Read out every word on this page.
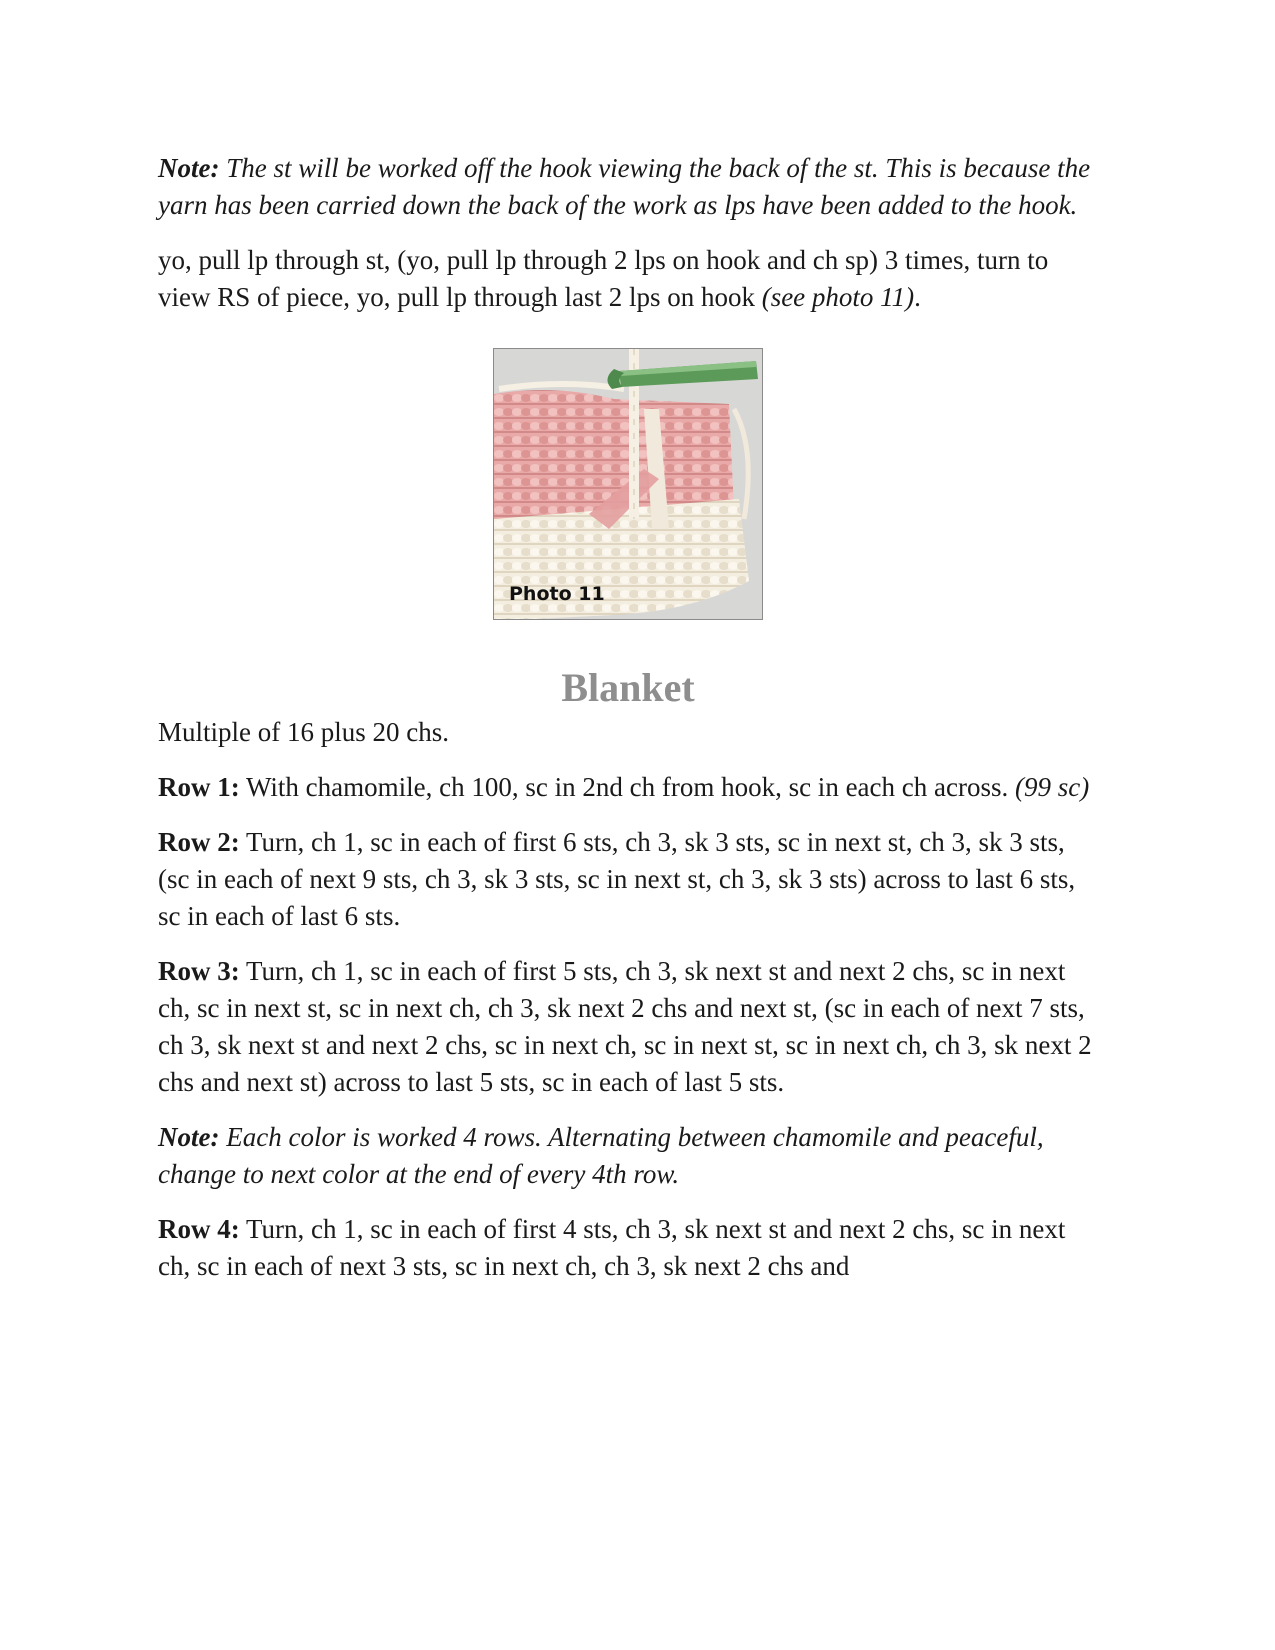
Note: The st will be worked off the hook viewing the back of the st. This is because the yarn has been carried down the back of the work as lps have been added to the hook.

yo, pull lp through st, (yo, pull lp through 2 lps on hook and ch sp) 3 times, turn to view RS of piece, yo, pull lp through last 2 lps on hook (see photo 11).

Photo 11
Blanket

Multiple of 16 plus 20 chs.

Row 1: With chamomile, ch 100, sc in 2nd ch from hook, sc in each ch across. (99 sc)

Row 2: Turn, ch 1, sc in each of first 6 sts, ch 3, sk 3 sts, sc in next st, ch 3, sk 3 sts, (sc in each of next 9 sts, ch 3, sk 3 sts, sc in next st, ch 3, sk 3 sts) across to last 6 sts, sc in each of last 6 sts.

Row 3: Turn, ch 1, sc in each of first 5 sts, ch 3, sk next st and next 2 chs, sc in next ch, sc in next st, sc in next ch, ch 3, sk next 2 chs and next st, (sc in each of next 7 sts, ch 3, sk next st and next 2 chs, sc in next ch, sc in next st, sc in next ch, ch 3, sk next 2 chs and next st) across to last 5 sts, sc in each of last 5 sts.

Note: Each color is worked 4 rows. Alternating between chamomile and peaceful, change to next color at the end of every 4th row.

Row 4: Turn, ch 1, sc in each of first 4 sts, ch 3, sk next st and next 2 chs, sc in next ch, sc in each of next 3 sts, sc in next ch, ch 3, sk next 2 chs and
